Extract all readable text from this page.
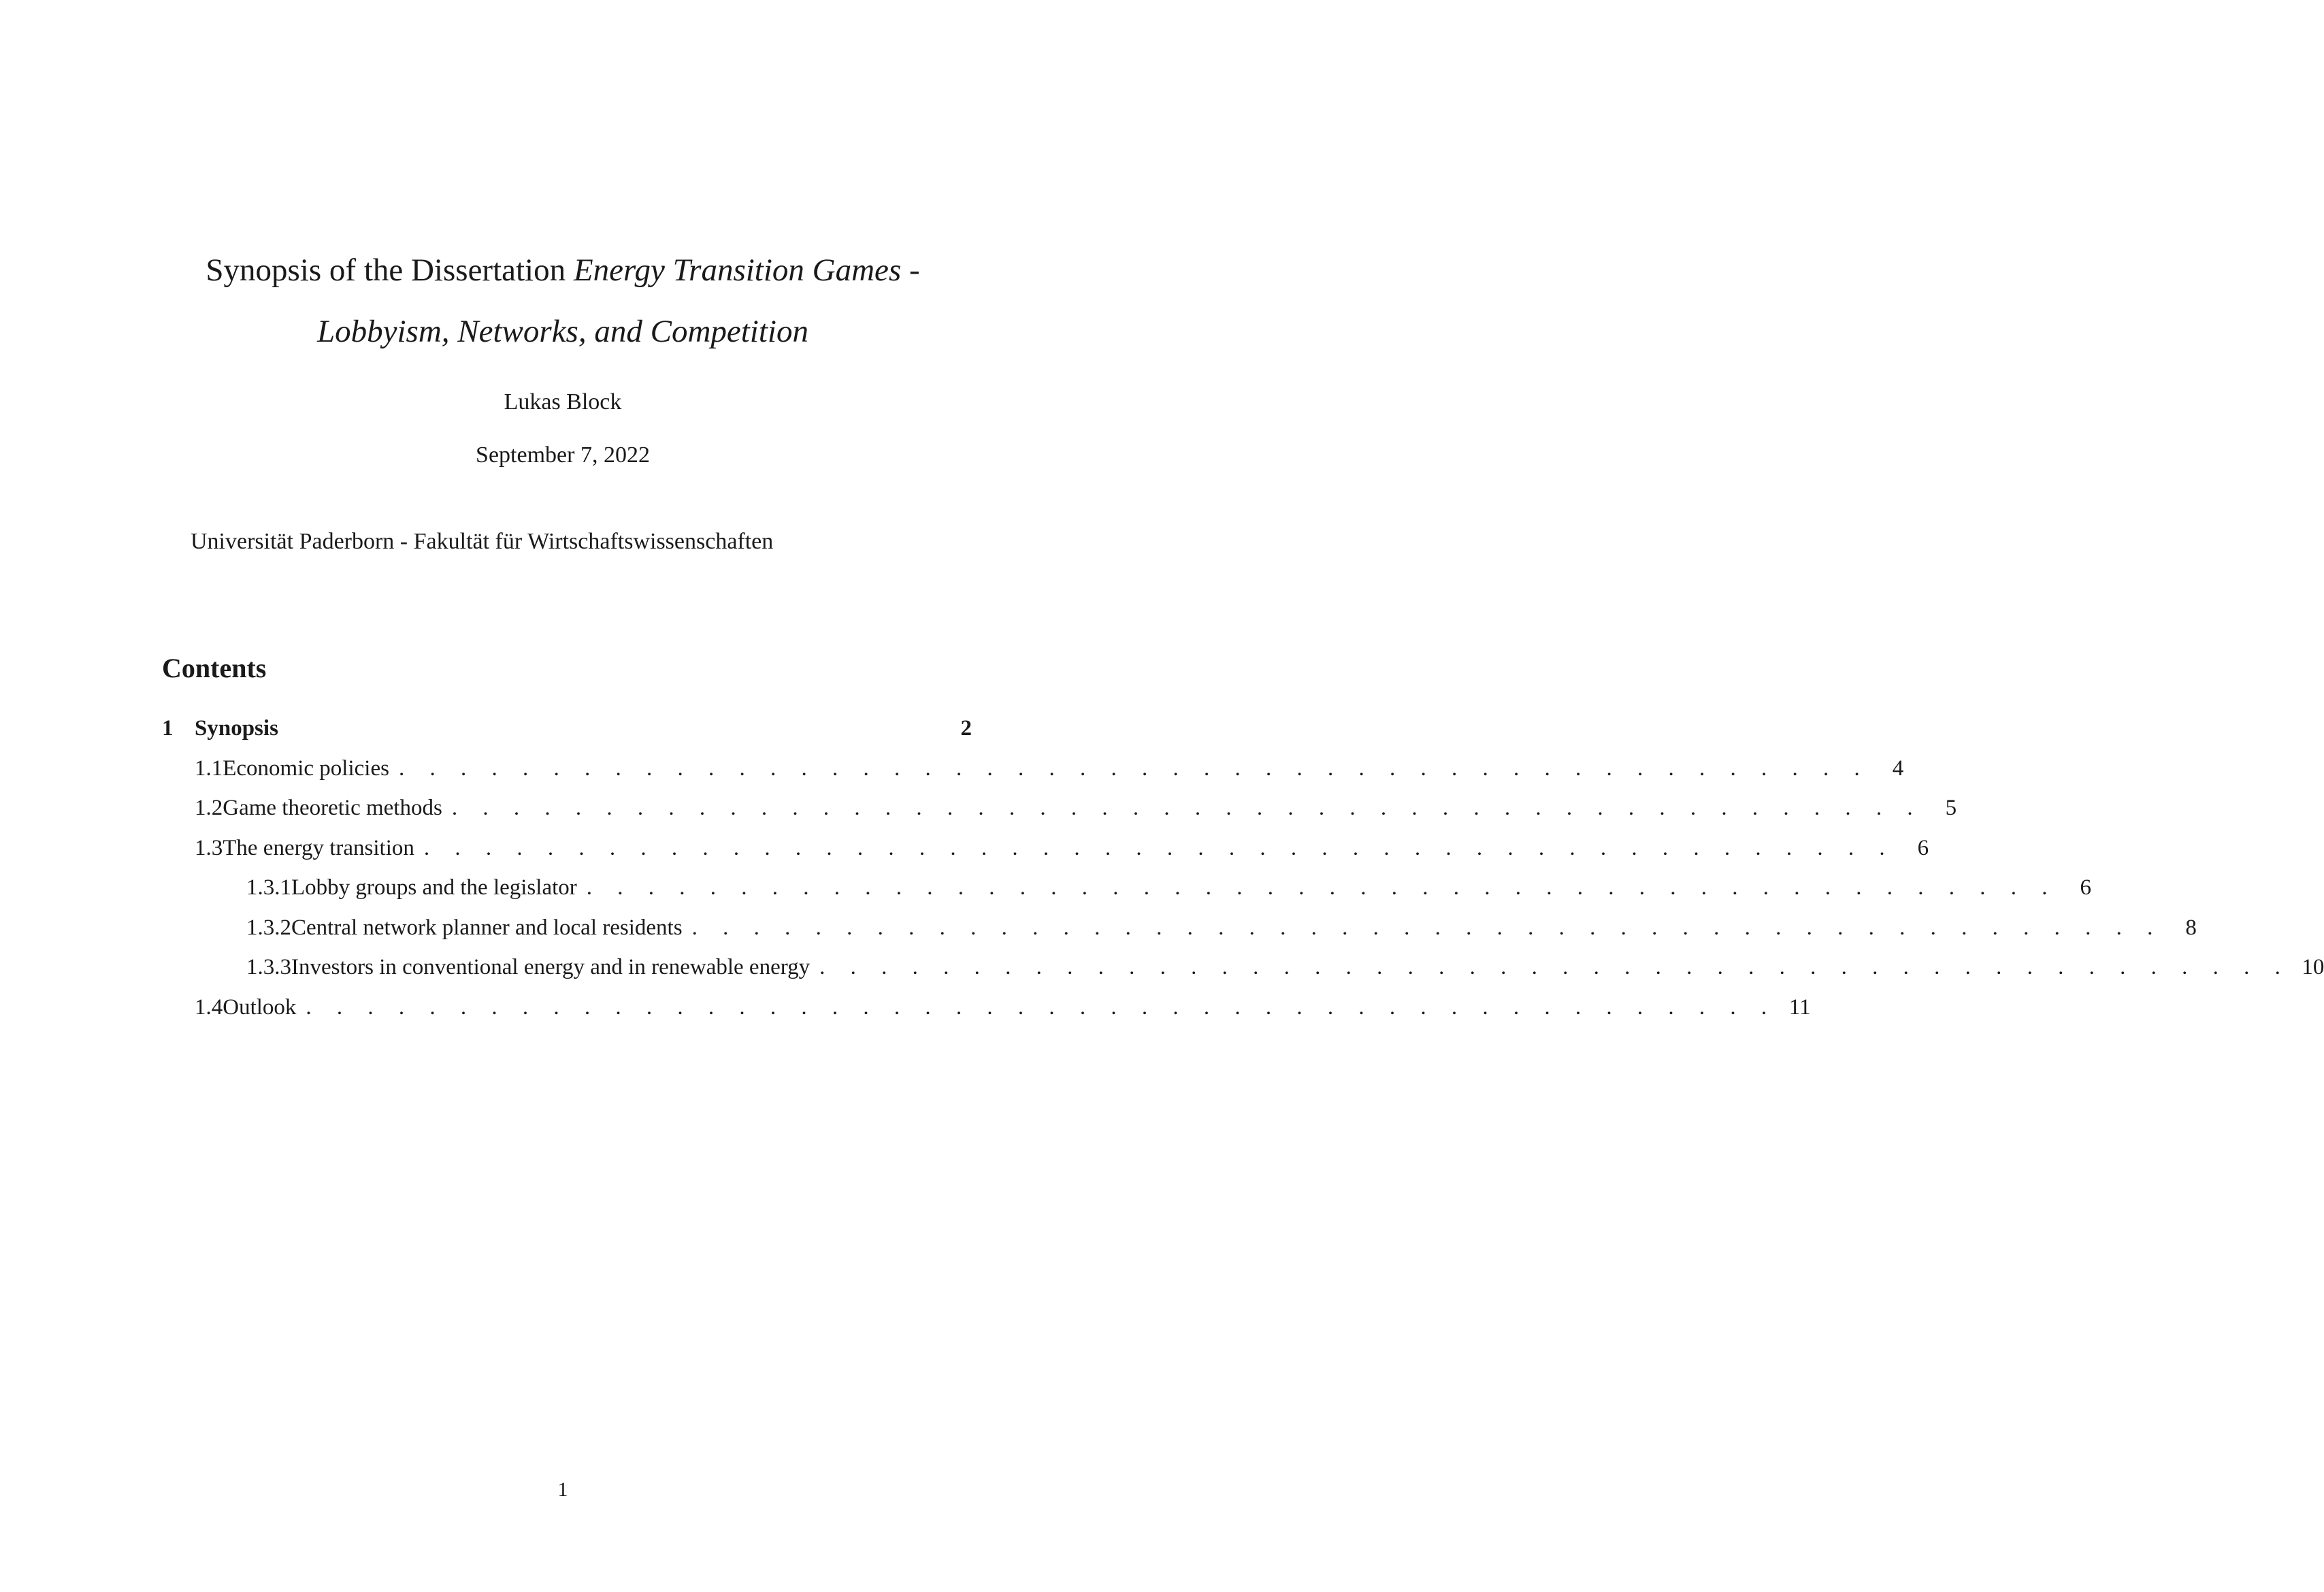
Synopsis of the Dissertation Energy Transition Games -
Lobbyism, Networks, and Competition
Lukas Block
September 7, 2022
Universität Paderborn - Fakultät für Wirtschaftswissenschaften
Contents
1 Synopsis	2
1.1 Economic policies . . . . . . . . . . . . . . . . . . . . . . . . . . . . . . . . . . . . . . . . . . . . . . . .	4
1.2 Game theoretic methods . . . . . . . . . . . . . . . . . . . . . . . . . . . . . . . . . . . . . . . . . . . . . . . .	5
1.3 The energy transition . . . . . . . . . . . . . . . . . . . . . . . . . . . . . . . . . . . . . . . . . . . . . . . .	6
1.3.1 Lobby groups and the legislator . . . . . . . . . . . . . . . . . . . . . . . . . . . . . . . . . . . . . . . . . . . . . . . .	6
1.3.2 Central network planner and local residents . . . . . . . . . . . . . . . . . . . . . . . . . . . . . . . . . . . . . . . . . . . . . . . .	8
1.3.3 Investors in conventional energy and in renewable energy . . . . . . . . . . . . . . . . . . . . . . . . . . . . . . . . . . . . . . . . . . . . . . . . 10
1.4 Outlook . . . . . . . . . . . . . . . . . . . . . . . . . . . . . . . . . . . . . . . . . . . . . . . . 11
1
